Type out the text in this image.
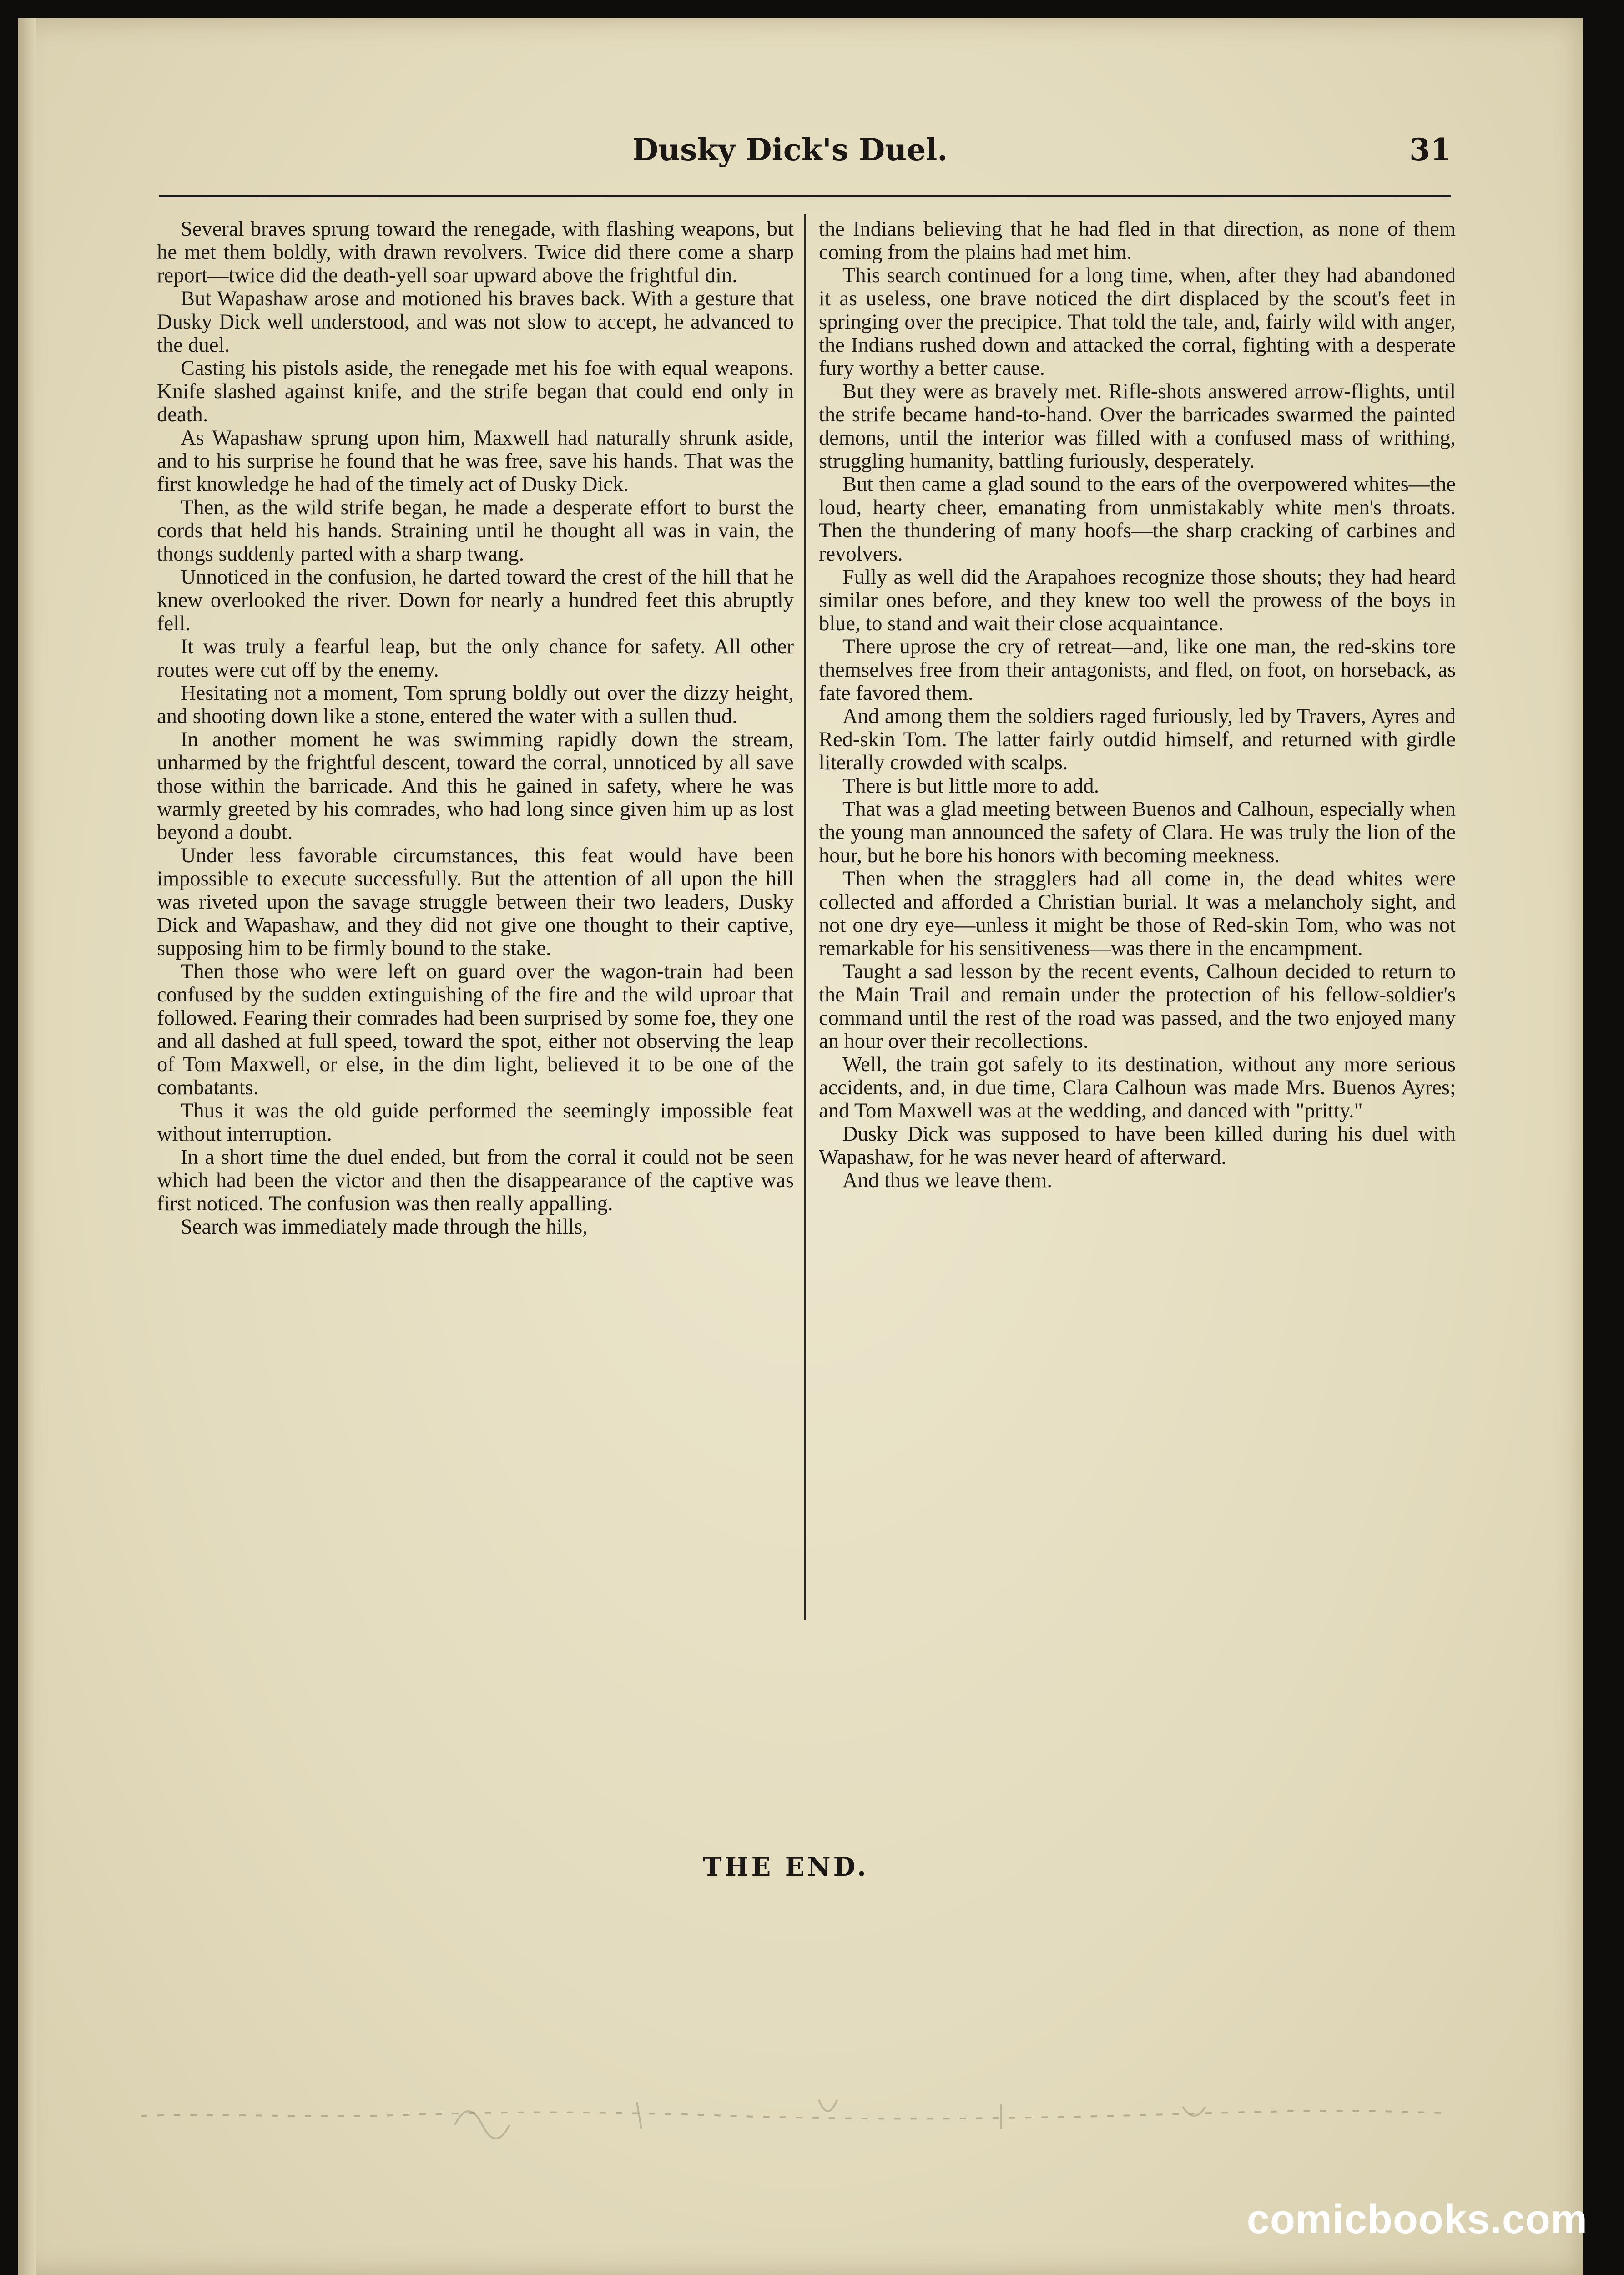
Dusky Dick's Duel.	31

Several braves sprung toward the renegade, with flashing weapons, but he met them boldly, with drawn revolvers. Twice did there come a sharp report—twice did the death-yell soar upward above the frightful din.

But Wapashaw arose and motioned his braves back. With a gesture that Dusky Dick well understood, and was not slow to accept, he advanced to the duel.

Casting his pistols aside, the renegade met his foe with equal weapons. Knife slashed against knife, and the strife began that could end only in death.

As Wapashaw sprung upon him, Maxwell had naturally shrunk aside, and to his surprise he found that he was free, save his hands. That was the first knowledge he had of the timely act of Dusky Dick.

Then, as the wild strife began, he made a desperate effort to burst the cords that held his hands. Straining until he thought all was in vain, the thongs suddenly parted with a sharp twang.

Unnoticed in the confusion, he darted toward the crest of the hill that he knew overlooked the river. Down for nearly a hundred feet this abruptly fell.

It was truly a fearful leap, but the only chance for safety. All other routes were cut off by the enemy.

Hesitating not a moment, Tom sprung boldly out over the dizzy height, and shooting down like a stone, entered the water with a sullen thud.

In another moment he was swimming rapidly down the stream, unharmed by the frightful descent, toward the corral, unnoticed by all save those within the barricade. And this he gained in safety, where he was warmly greeted by his comrades, who had long since given him up as lost beyond a doubt.

Under less favorable circumstances, this feat would have been impossible to execute successfully. But the attention of all upon the hill was riveted upon the savage struggle between their two leaders, Dusky Dick and Wapashaw, and they did not give one thought to their captive, supposing him to be firmly bound to the stake.

Then those who were left on guard over the wagon-train had been confused by the sudden extinguishing of the fire and the wild uproar that followed. Fearing their comrades had been surprised by some foe, they one and all dashed at full speed, toward the spot, either not observing the leap of Tom Maxwell, or else, in the dim light, believed it to be one of the combatants.

Thus it was the old guide performed the seemingly impossible feat without interruption.

In a short time the duel ended, but from the corral it could not be seen which had been the victor and then the disappearance of the captive was first noticed. The confusion was then really appalling.

Search was immediately made through the hills,

the Indians believing that he had fled in that direction, as none of them coming from the plains had met him.

This search continued for a long time, when, after they had abandoned it as useless, one brave noticed the dirt displaced by the scout's feet in springing over the precipice. That told the tale, and, fairly wild with anger, the Indians rushed down and attacked the corral, fighting with a desperate fury worthy a better cause.

But they were as bravely met. Rifle-shots answered arrow-flights, until the strife became hand-to-hand. Over the barricades swarmed the painted demons, until the interior was filled with a confused mass of writhing, struggling humanity, battling furiously, desperately.

But then came a glad sound to the ears of the overpowered whites—the loud, hearty cheer, emanating from unmistakably white men's throats. Then the thundering of many hoofs—the sharp cracking of carbines and revolvers.

Fully as well did the Arapahoes recognize those shouts; they had heard similar ones before, and they knew too well the prowess of the boys in blue, to stand and wait their close acquaintance.

There uprose the cry of retreat—and, like one man, the red-skins tore themselves free from their antagonists, and fled, on foot, on horseback, as fate favored them.

And among them the soldiers raged furiously, led by Travers, Ayres and Red-skin Tom. The latter fairly outdid himself, and returned with girdle literally crowded with scalps.

There is but little more to add.

That was a glad meeting between Buenos and Calhoun, especially when the young man announced the safety of Clara. He was truly the lion of the hour, but he bore his honors with becoming meekness.

Then when the stragglers had all come in, the dead whites were collected and afforded a Christian burial. It was a melancholy sight, and not one dry eye—unless it might be those of Red-skin Tom, who was not remarkable for his sensitiveness—was there in the encampment.

Taught a sad lesson by the recent events, Calhoun decided to return to the Main Trail and remain under the protection of his fellow-soldier's command until the rest of the road was passed, and the two enjoyed many an hour over their recollections.

Well, the train got safely to its destination, without any more serious accidents, and, in due time, Clara Calhoun was made Mrs. Buenos Ayres; and Tom Maxwell was at the wedding, and danced with "pritty."

Dusky Dick was supposed to have been killed during his duel with Wapashaw, for he was never heard of afterward.

And thus we leave them.

THE END.
comicbooks.com
